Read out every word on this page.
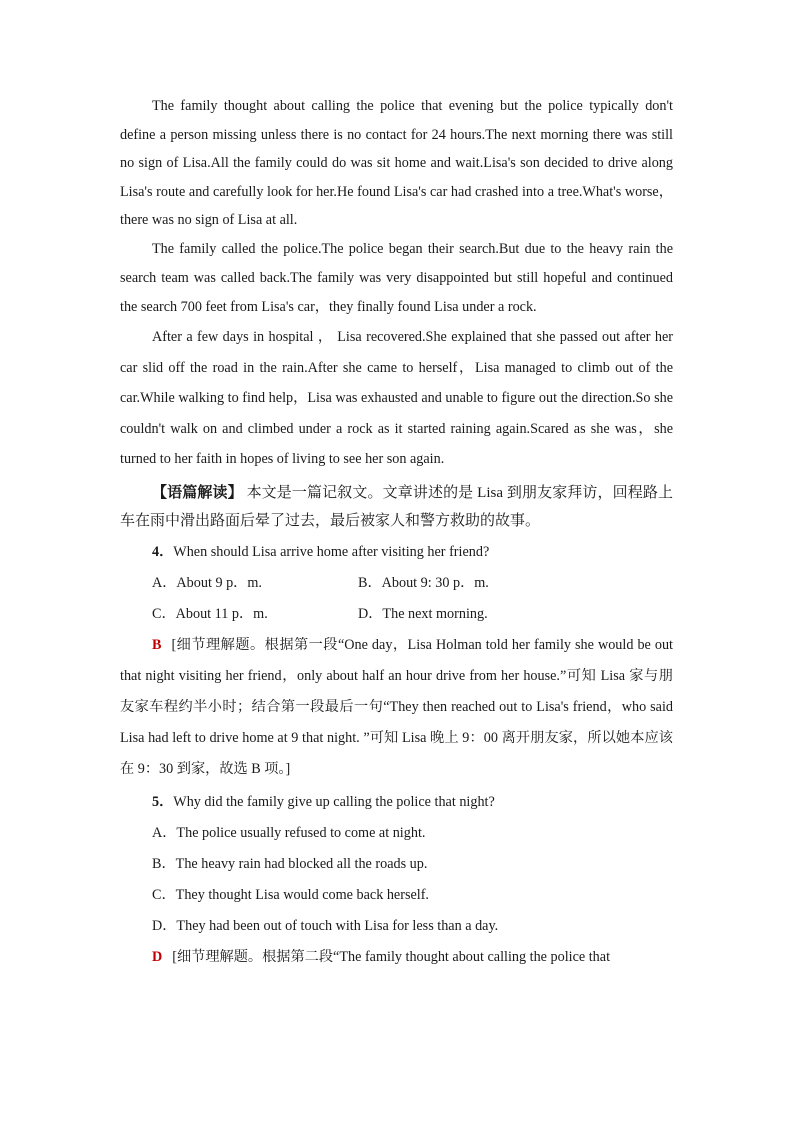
The family thought about calling the police that evening but the police typically don't define a person missing unless there is no contact for 24 hours.The next morning there was still no sign of Lisa.All the family could do was sit home and wait.Lisa's son decided to drive along Lisa's route and carefully look for her.He found Lisa's car had crashed into a tree.What's worse，there was no sign of Lisa at all.

The family called the police.The police began their search.But due to the heavy rain the search team was called back.The family was very disappointed but still hopeful and continued the search 700 feet from Lisa's car，they finally found Lisa under a rock.

After a few days in hospital ， Lisa recovered.She explained that she passed out after her car slid off the road in the rain.After she came to herself，Lisa managed to climb out of the car.While walking to find help，Lisa was exhausted and unable to figure out the direction.So she couldn't walk on and climbed under a rock as it started raining again.Scared as she was，she turned to her faith in hopes of living to see her son again.

【语篇解读】 本文是一篇记叙文。文章讲述的是 Lisa 到朋友家拜访，回程路上车在雨中滑出路面后晕了过去，最后被家人和警方救助的故事。

4．When should Lisa arrive home after visiting her friend?

A．About 9 p．m.	B．About 9: 30 p．m.
C．About 11 p．m.	D．The next morning.

B [细节理解题。根据第一段“One day，Lisa Holman told her family she would be out that night visiting her friend，only about half an hour drive from her house.”可知 Lisa 家与朋友家车程约半小时；结合第一段最后一句“They then reached out to Lisa's friend，who said Lisa had left to drive home at 9 that night. ”可知 Lisa 晚上 9：00 离开朋友家，所以她本应该在 9：30 到家，故选 B 项。]

5．Why did the family give up calling the police that night?

A．The police usually refused to come at night.
B．The heavy rain had blocked all the roads up.
C．They thought Lisa would come back herself.
D．They had been out of touch with Lisa for less than a day.

D [细节理解题。根据第二段“The family thought about calling the police that
